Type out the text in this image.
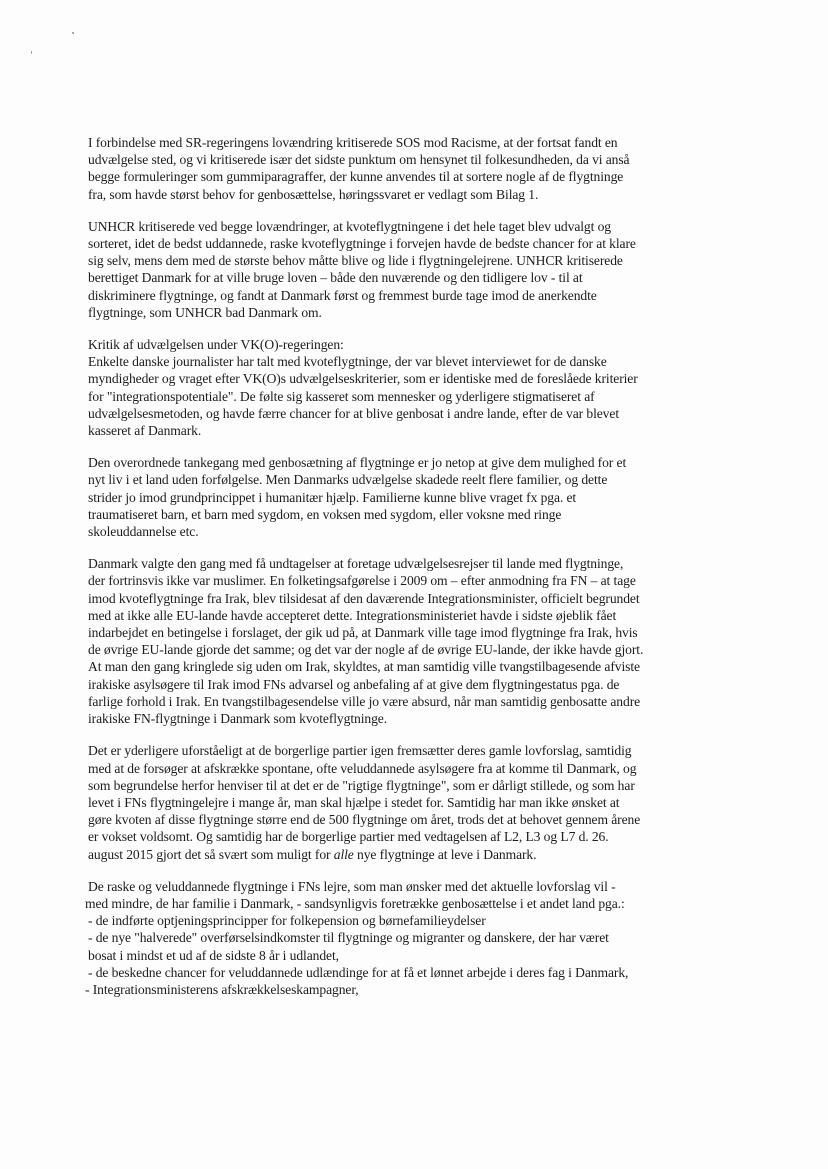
I forbindelse med SR-regeringens lovændring kritiserede SOS mod Racisme, at der fortsat fandt en
udvælgelse sted, og vi kritiserede især det sidste punktum om hensynet til folkesundheden, da vi anså
begge formuleringer som gummiparagraffer, der kunne anvendes til at sortere nogle af de flygtninge
fra, som havde størst behov for genbosættelse, høringssvaret er vedlagt som Bilag 1.

UNHCR kritiserede ved begge lovændringer, at kvoteflygtningene i det hele taget blev udvalgt og
sorteret, idet de bedst uddannede, raske kvoteflygtninge i forvejen havde de bedste chancer for at klare
sig selv, mens dem med de største behov måtte blive og lide i flygtningelejrene. UNHCR kritiserede
berettiget Danmark for at ville bruge loven – både den nuværende og den tidligere lov - til at
diskriminere flygtninge, og fandt at Danmark først og fremmest burde tage imod de anerkendte
flygtninge, som UNHCR bad Danmark om.

Kritik af udvælgelsen under VK(O)-regeringen:
Enkelte danske journalister har talt med kvoteflygtninge, der var blevet interviewet for de danske
myndigheder og vraget efter VK(O)s udvælgelseskriterier, som er identiske med de foreslåede kriterier
for "integrationspotentiale". De følte sig kasseret som mennesker og yderligere stigmatiseret af
udvælgelsesmetoden, og havde færre chancer for at blive genbosat i andre lande, efter de var blevet
kasseret af Danmark.

Den overordnede tankegang med genbosætning af flygtninge er jo netop at give dem mulighed for et
nyt liv i et land uden forfølgelse. Men Danmarks udvælgelse skadede reelt flere familier, og dette
strider jo imod grundprincippet i humanitær hjælp. Familierne kunne blive vraget fx pga. et
traumatiseret barn, et barn med sygdom, en voksen med sygdom, eller voksne med ringe
skoleuddannelse etc.

Danmark valgte den gang med få undtagelser at foretage udvælgelsesrejser til lande med flygtninge,
der fortrinsvis ikke var muslimer. En folketingsafgørelse i 2009 om – efter anmodning fra FN – at tage
imod kvoteflygtninge fra Irak, blev tilsidesat af den daværende Integrationsminister, officielt begrundet
med at ikke alle EU-lande havde accepteret dette. Integrationsministeriet havde i sidste øjeblik fået
indarbejdet en betingelse i forslaget, der gik ud på, at Danmark ville tage imod flygtninge fra Irak, hvis
de øvrige EU-lande gjorde det samme; og det var der nogle af de øvrige EU-lande, der ikke havde gjort.
At man den gang kringlede sig uden om Irak, skyldtes, at man samtidig ville tvangstilbagesende afviste
irakiske asylsøgere til Irak imod FNs advarsel og anbefaling af at give dem flygtningestatus pga. de
farlige forhold i Irak. En tvangstilbagesendelse ville jo være absurd, når man samtidig genbosatte andre
irakiske FN-flygtninge i Danmark som kvoteflygtninge.

Det er yderligere uforståeligt at de borgerlige partier igen fremsætter deres gamle lovforslag, samtidig
med at de forsøger at afskrække spontane, ofte veluddannede asylsøgere fra at komme til Danmark, og
som begrundelse herfor henviser til at det er de "rigtige flygtninge", som er dårligt stillede, og som har
levet i FNs flygtningelejre i mange år, man skal hjælpe i stedet for. Samtidig har man ikke ønsket at
gøre kvoten af disse flygtninge større end de 500 flygtninge om året, trods det at behovet gennem årene
er vokset voldsomt. Og samtidig har de borgerlige partier med vedtagelsen af L2, L3 og L7 d. 26.
august 2015 gjort det så svært som muligt for alle nye flygtninge at leve i Danmark.

De raske og veluddannede flygtninge i FNs lejre, som man ønsker med det aktuelle lovforslag vil -
med mindre, de har familie i Danmark, - sandsynligvis foretrække genbosættelse i et andet land pga.:
- de indførte optjeningsprincipper for folkepension og børnefamilieydelser
- de nye "halverede" overførselsindkomster til flygtninge og migranter og danskere, der har været
bosat i mindst et ud af de sidste 8 år i udlandet,
- de beskedne chancer for veluddannede udlændinge for at få et lønnet arbejde i deres fag i Danmark,
- Integrationsministerens afskrækkelseskampagner,
